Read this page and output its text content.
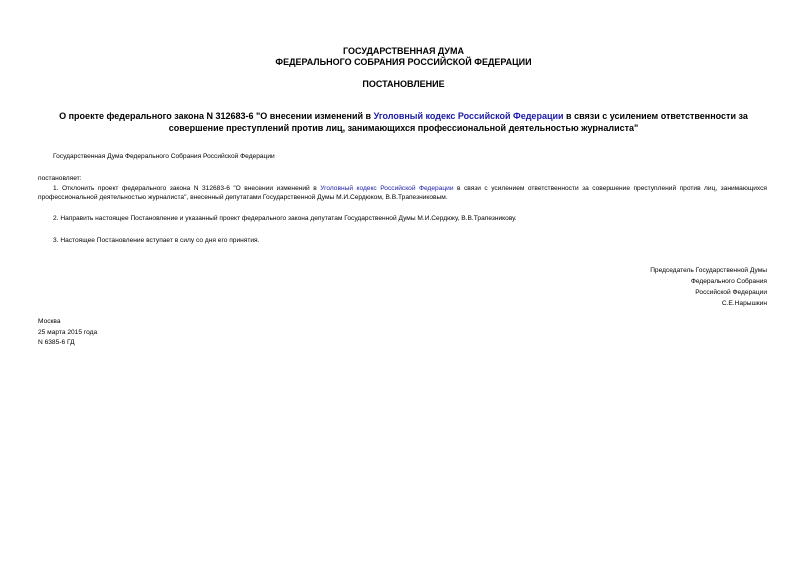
ГОСУДАРСТВЕННАЯ ДУМА
ФЕДЕРАЛЬНОГО СОБРАНИЯ РОССИЙСКОЙ ФЕДЕРАЦИИ
ПОСТАНОВЛЕНИЕ
О проекте федерального закона N 312683-6 "О внесении изменений в Уголовный кодекс Российской Федерации в связи с усилением ответственности за совершение преступлений против лиц, занимающихся профессиональной деятельностью журналиста"
Государственная Дума Федерального Собрания Российской Федерации
постановляет:
1. Отклонить проект федерального закона N 312683-6 "О внесении изменений в Уголовный кодекс Российской Федерации в связи с усилением ответственности за совершение преступлений против лиц, занимающихся профессиональной деятельностью журналиста", внесенный депутатами Государственной Думы М.И.Сердюком, В.В.Трапезниковым.
2. Направить настоящее Постановление и указанный проект федерального закона депутатам Государственной Думы М.И.Сердюку, В.В.Трапезникову.
3. Настоящее Постановление вступает в силу со дня его принятия.
Председатель Государственной Думы
Федерального Собрания
Российской Федерации
С.Е.Нарышкин
Москва
25 марта 2015 года
N 6385-6 ГД
